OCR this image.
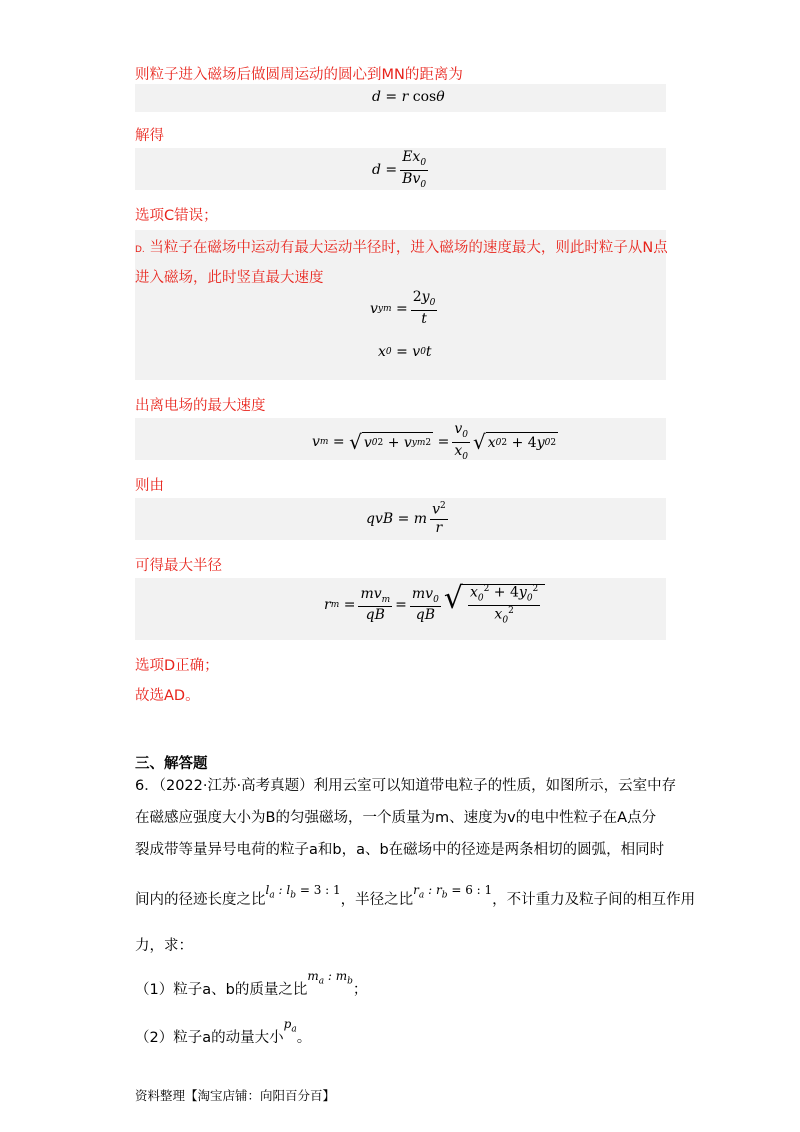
则粒子进入磁场后做圆周运动的圆心到MN的距离为
d = r cos θ
解得
$d = \frac{Ex_0}{Bv_0}$
选项C错误；
D. 当粒子在磁场中运动有最大运动半径时，进入磁场的速度最大，则此时粒子从N点
进入磁场，此时竖直最大速度
v ym = $\frac{2y_0}{t}$
x 0 = v 0 t
出离电场的最大速度
v m = √ v 0 2 + v ym $2 = \frac{v_0}{x_0}$ √ x 0 2 + 4 y 0 2
则由
qvB = m $\frac{v^2}{r}$
可得最大半径
r $m = \frac{mv_m}{qB} = \frac{mv_0}{qB}$ √ $\frac{x_0^2 + 4y_0^2}{x_0^2}$
选项D正确；
故选AD。
三、解答题
6．（2022·江苏·高考真题）利用云室可以知道带电粒子的性质，如图所示，云室中存
在磁感应强度大小为B的匀强磁场，一个质量为m、速度为v的电中性粒子在A点分
裂成带等量异号电荷的粒子a和b，a、b在磁场中的径迹是两条相切的圆弧，相同时
间内的径迹长度之比$^{l_a : l_b = 3 : 1}$，半径之比$^{r_a : r_b = 6 : 1}$，不计重力及粒子间的相互作用
力，求：
（1）粒子a、b的质量之比$^{m_a : m_b}$；
（2）粒子a的动量大小$^{p_a}$。
资料整理【淘宝店铺：向阳百分百】
